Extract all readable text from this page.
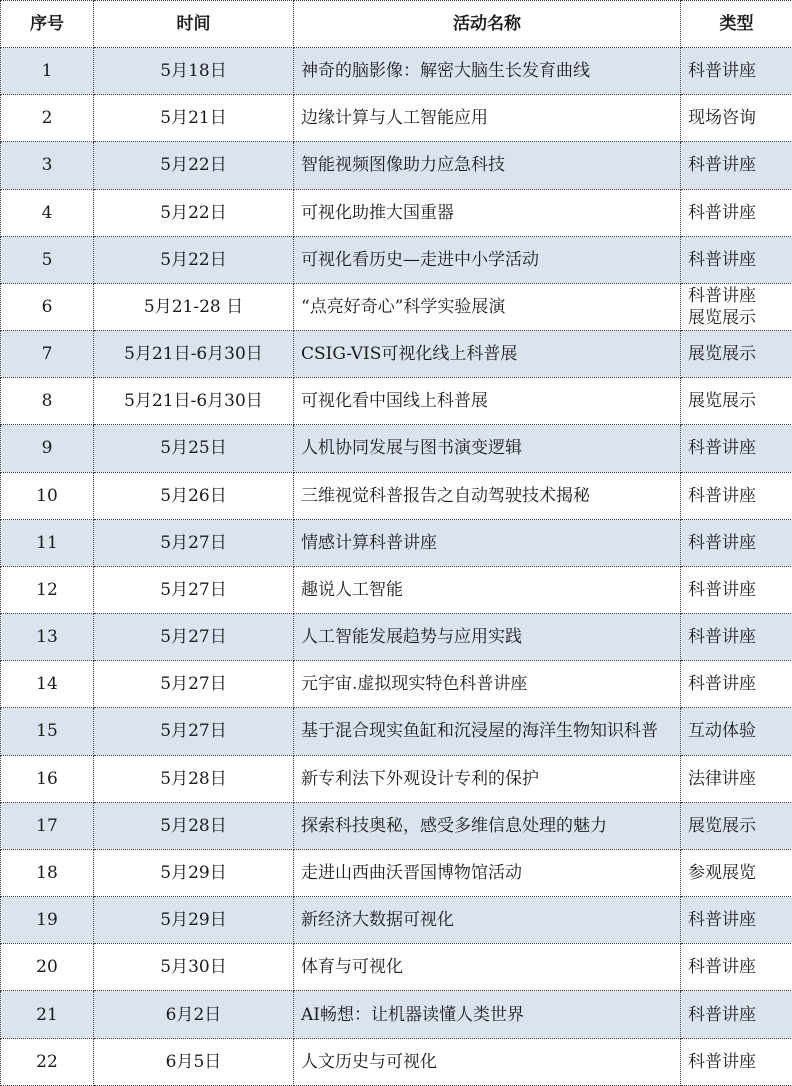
序号	时间	活动名称	类型
1	5月18日	神奇的脑影像：解密大脑生长发育曲线	科普讲座
2	5月21日	边缘计算与人工智能应用	现场咨询
3	5月22日	智能视频图像助力应急科技	科普讲座
4	5月22日	可视化助推大国重器	科普讲座
5	5月22日	可视化看历史—走进中小学活动	科普讲座
6	5月21-28 日	“点亮好奇心”科学实验展演	科普讲座
展览展示
7	5月21日-6月30日	CSIG-VIS可视化线上科普展	展览展示
8	5月21日-6月30日	可视化看中国线上科普展	展览展示
9	5月25日	人机协同发展与图书演变逻辑	科普讲座
10	5月26日	三维视觉科普报告之自动驾驶技术揭秘	科普讲座
11	5月27日	情感计算科普讲座	科普讲座
12	5月27日	趣说人工智能	科普讲座
13	5月27日	人工智能发展趋势与应用实践	科普讲座
14	5月27日	元宇宙.虚拟现实特色科普讲座	科普讲座
15	5月27日	基于混合现实鱼缸和沉浸屋的海洋生物知识科普	互动体验
16	5月28日	新专利法下外观设计专利的保护	法律讲座
17	5月28日	探索科技奥秘，感受多维信息处理的魅力	展览展示
18	5月29日	走进山西曲沃晋国博物馆活动	参观展览
19	5月29日	新经济大数据可视化	科普讲座
20	5月30日	体育与可视化	科普讲座
21	6月2日	AI畅想：让机器读懂人类世界	科普讲座
22	6月5日	人文历史与可视化	科普讲座
